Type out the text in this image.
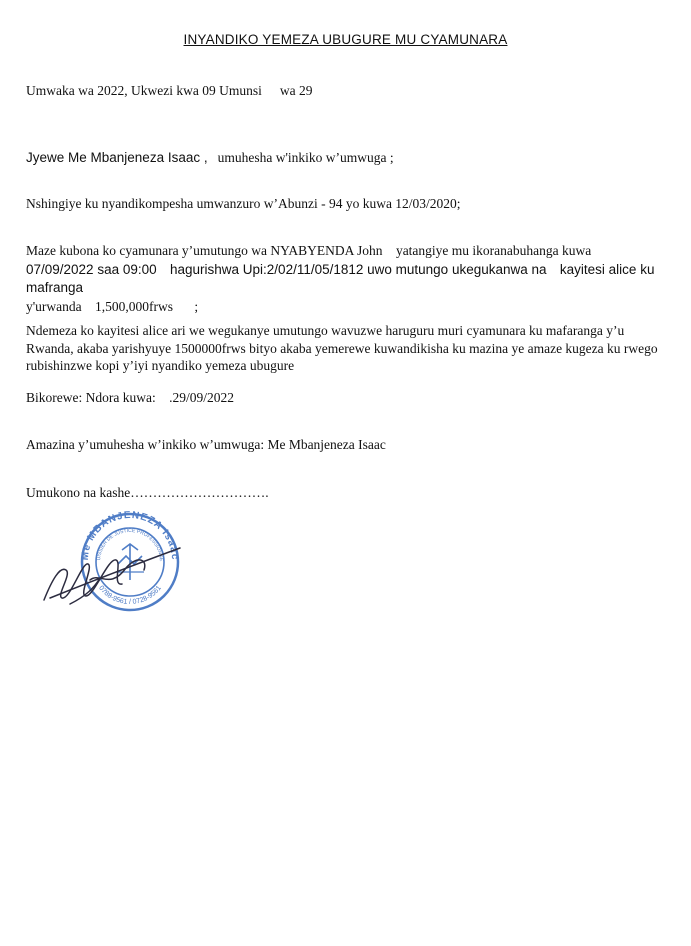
INYANDIKO YEMEZA UBUGURE MU CYAMUNARA
Umwaka wa 2022, Ukwezi kwa 09 Umunsi wa 29
Jyewe Me Mbanjeneza Isaac , umuhesha w'inkiko w’umwuga ;
Nshingiye ku nyandikompesha umwanzuro w’Abunzi - 94 yo kuwa 12/03/2020;
Maze kubona ko cyamunara y’umutungo wa NYABYENDA John yatangiye mu ikoranabuhanga kuwa
07/09/2022 saa 09:00 hagurishwa Upi:2/02/11/05/1812 uwo mutungo ukegukanwa na kayitesi alice ku mafranga
y'urwanda 1,500,000frws ;
Ndemeza ko kayitesi alice ari we wegukanye umutungo wavuzwe haruguru muri cyamunara ku mafaranga y’u Rwanda, akaba yarishyuye 1500000frws bityo akaba yemerewe kuwandikisha ku mazina ye amaze kugeza ku rwego rubishinzwe kopi y’iyi nyandiko yemeza ubugure
Bikorewe: Ndora kuwa: .29/09/2022
Amazina y’umuhesha w’inkiko w’umwuga: Me Mbanjeneza Isaac
Umukono na kashe………………………….
Me MBANJENEZA Isaac
UISSIER DE JUSTICE PROFESSIONNE
0788-9561 / 0728-9561
